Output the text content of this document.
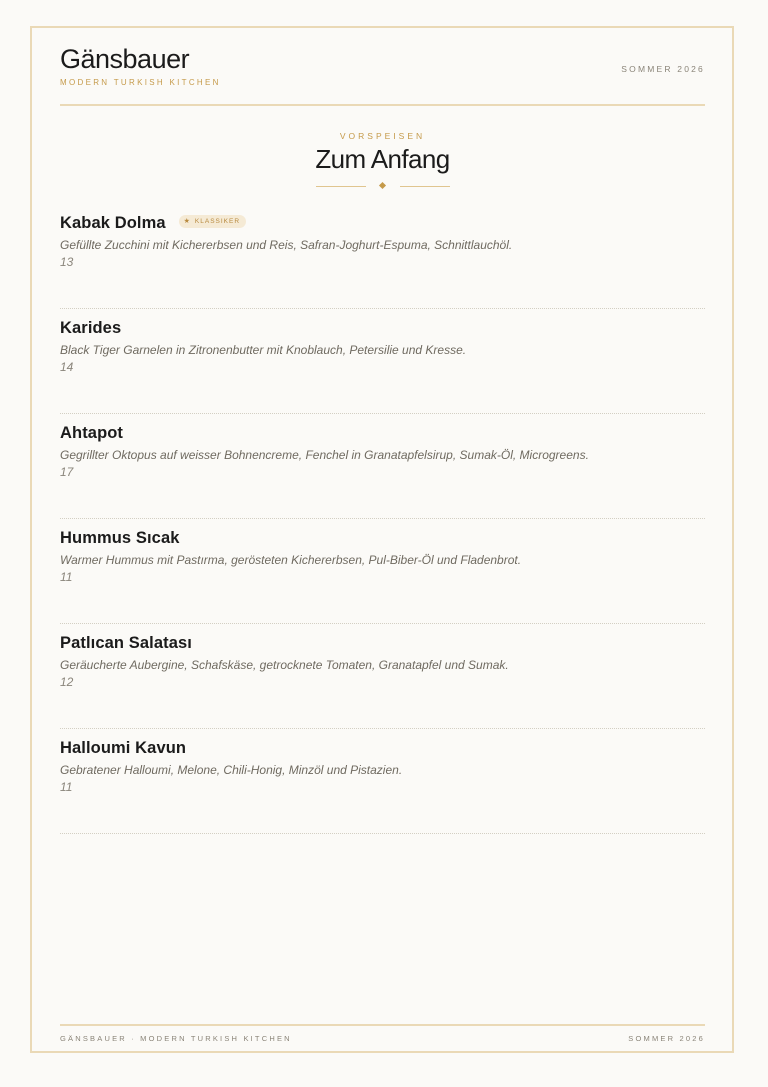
Gänsbauer
MODERN TURKISH KITCHEN
SOMMER 2026
VORSPEISEN
Zum Anfang
Kabak Dolma	★ KLASSIKER
Gefüllte Zucchini mit Kichererbsen und Reis, Safran-Joghurt-Espuma, Schnittlauchöl.
13
Karides
Black Tiger Garnelen in Zitronenbutter mit Knoblauch, Petersilie und Kresse.
14
Ahtapot
Gegrillter Oktopus auf weisser Bohnencreme, Fenchel in Granatapfelsirup, Sumak-Öl, Microgreens.
17
Hummus Sıcak
Warmer Hummus mit Pastırma, gerösteten Kichererbsen, Pul-Biber-Öl und Fladenbrot.
11
Patlıcan Salatası
Geräucherte Aubergine, Schafskäse, getrocknete Tomaten, Granatapfel und Sumak.
12
Halloumi Kavun
Gebratener Halloumi, Melone, Chili-Honig, Minzöl und Pistazien.
11
GÄNSBAUER · MODERN TURKISH KITCHEN	SOMMER 2026
